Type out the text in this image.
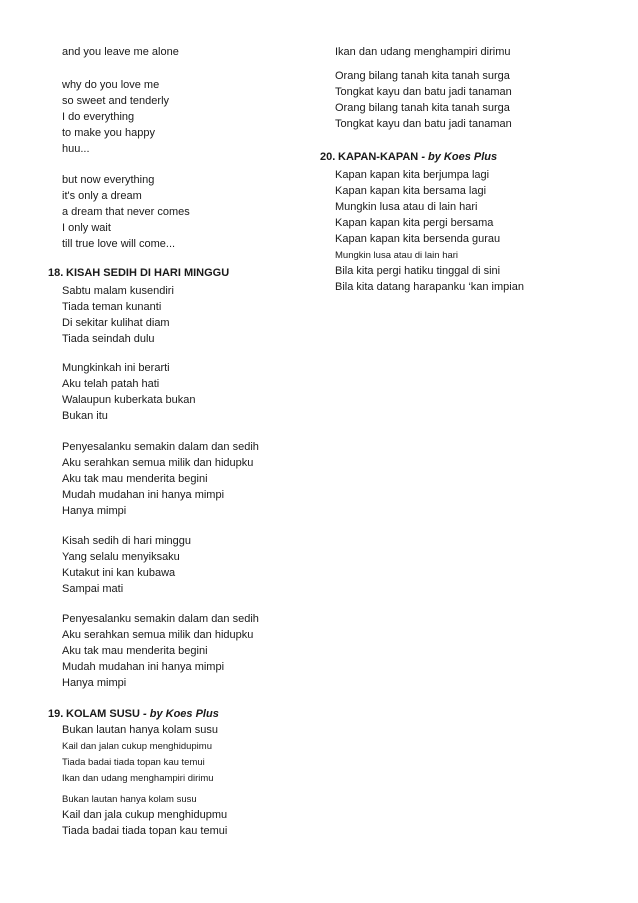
and you leave me alone
why do you love me
so sweet and tenderly
I do everything
to make you happy
huu...
but now everything
it's only a dream
a dream that never comes
I only wait
till true love will come...
18. KISAH SEDIH DI HARI MINGGU
Sabtu malam kusendiri
Tiada teman kunanti
Di sekitar kulihat diam
Tiada seindah dulu
Mungkinkah ini berarti
Aku telah patah hati
Walaupun kuberkata bukan
Bukan itu
Penyesalanku semakin dalam dan sedih
Aku serahkan semua milik dan hidupku
Aku tak mau menderita begini
Mudah mudahan ini hanya mimpi
Hanya mimpi
Kisah sedih di hari minggu
Yang selalu menyiksaku
Kutakut ini kan kubawa
Sampai mati
Penyesalanku semakin dalam dan sedih
Aku serahkan semua milik dan hidupku
Aku tak mau menderita begini
Mudah mudahan ini hanya mimpi
Hanya mimpi
19. KOLAM SUSU - by Koes Plus
Bukan lautan hanya kolam susu
Kail dan jalan cukup menghidupimu
Tiada badai tiada topan kau temui
Ikan dan udang menghampiri dirimu
Bukan lautan hanya kolam susu
Kail dan jala cukup menghidupmu
Tiada badai tiada topan kau temui
Ikan dan udang menghampiri dirimu
Orang bilang tanah kita tanah surga
Tongkat kayu dan batu jadi tanaman
Orang bilang tanah kita tanah surga
Tongkat kayu dan batu jadi tanaman
20. KAPAN-KAPAN - by Koes Plus
Kapan kapan kita berjumpa lagi
Kapan kapan kita bersama lagi
Mungkin lusa atau di lain hari
Kapan kapan kita pergi bersama
Kapan kapan kita bersenda gurau
Mungkin lusa atau di lain hari
Bila kita pergi hatiku tinggal di sini
Bila kita datang harapanku ‘kan impian
